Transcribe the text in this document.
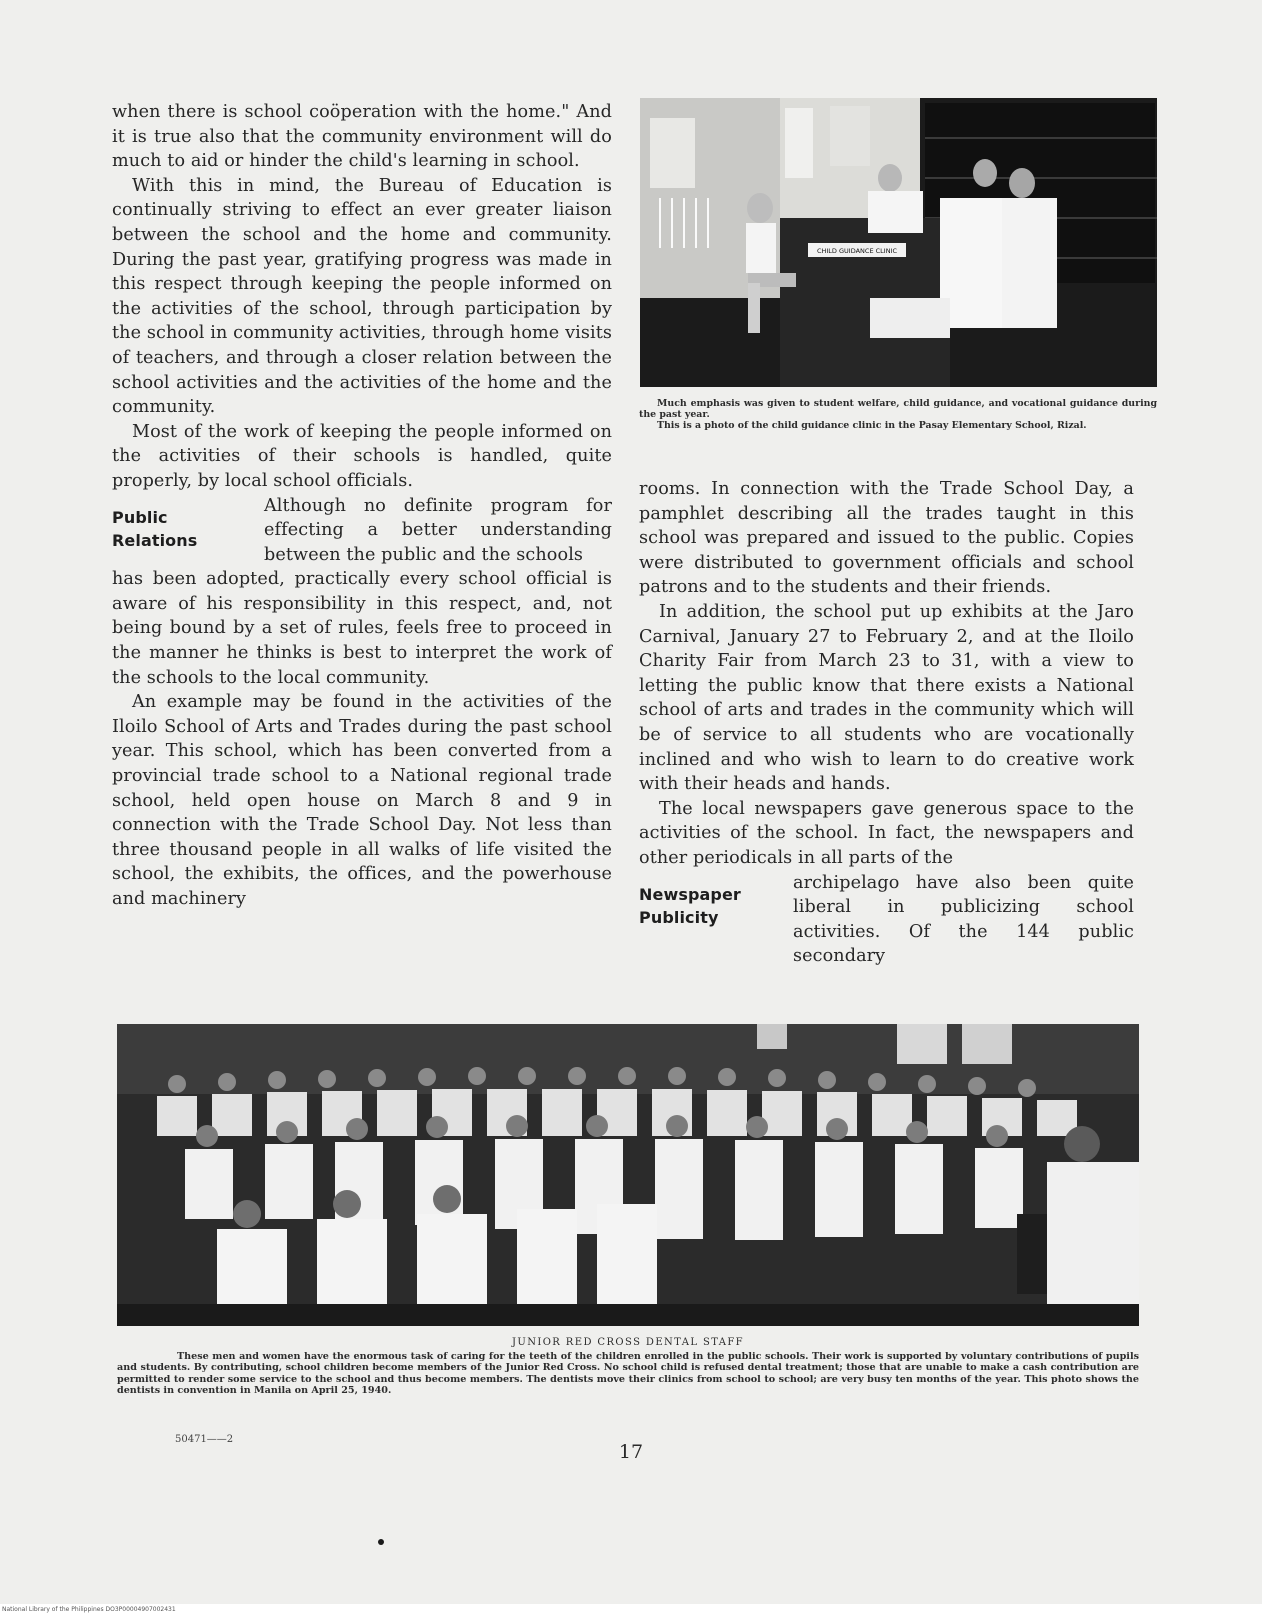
when there is school coöperation with the home." And it is true also that the community environment will do much to aid or hinder the child's learning in school.

With this in mind, the Bureau of Education is continually striving to effect an ever greater liaison between the school and the home and community. During the past year, gratifying progress was made in this respect through keeping the people informed on the activities of the school, through participation by the school in community activities, through home visits of teachers, and through a closer relation between the school activities and the activities of the home and the community.

Most of the work of keeping the people informed on the activities of their schools is handled, quite properly, by local school officials.

Public
Relations
Although no definite program for effecting a better understanding between the public and the schools

has been adopted, practically every school official is aware of his responsibility in this respect, and, not being bound by a set of rules, feels free to proceed in the manner he thinks is best to interpret the work of the schools to the local community.

An example may be found in the activities of the Iloilo School of Arts and Trades during the past school year. This school, which has been converted from a provincial trade school to a National regional trade school, held open house on March 8 and 9 in connection with the Trade School Day. Not less than three thousand people in all walks of life visited the school, the exhibits, the offices, and the powerhouse and machinery

CHILD GUIDANCE CLINIC

Much emphasis was given to student welfare, child guidance, and vocational guidance during the past year.

This is a photo of the child guidance clinic in the Pasay Elementary School, Rizal.

rooms. In connection with the Trade School Day, a pamphlet describing all the trades taught in this school was prepared and issued to the public. Copies were distributed to government officials and school patrons and to the students and their friends.

In addition, the school put up exhibits at the Jaro Carnival, January 27 to February 2, and at the Iloilo Charity Fair from March 23 to 31, with a view to letting the public know that there exists a National school of arts and trades in the community which will be of service to all students who are vocationally inclined and who wish to learn to do creative work with their heads and hands.

The local newspapers gave generous space to the activities of the school. In fact, the newspapers and other periodicals in all parts of the

Newspaper
Publicity
archipelago have also been quite liberal in publicizing school activities. Of the 144 public secondary
JUNIOR RED CROSS DENTAL STAFF
These men and women have the enormous task of caring for the teeth of the children enrolled in the public schools. Their work is supported by voluntary contributions of pupils and students. By contributing, school children become members of the Junior Red Cross. No school child is refused dental treatment; those that are unable to make a cash contribution are permitted to render some service to the school and thus become members. The dentists move their clinics from school to school; are very busy ten months of the year. This photo shows the dentists in convention in Manila on April 25, 1940.
50471——2
17
National Library of the Philippines DO3P00004907002431
